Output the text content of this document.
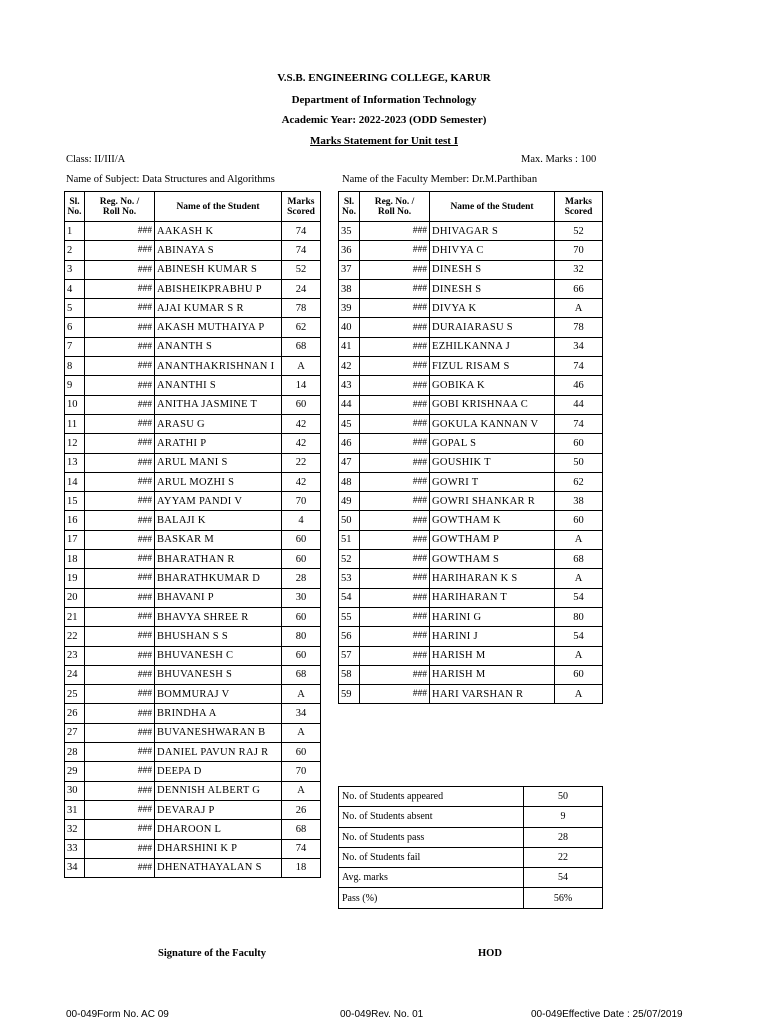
V.S.B. ENGINEERING COLLEGE, KARUR
Department of Information Technology
Academic Year: 2022-2023 (ODD Semester)
Marks Statement for Unit test I
Class: II/III/A	Max. Marks : 100
Name of Subject: Data Structures and Algorithms	Name of the Faculty Member: Dr.M.Parthiban
Sl.
No.	Reg. No. /
Roll No.	Name of the Student	Marks
Scored
1	###	AAKASH K	74
2	###	ABINAYA S	74
3	###	ABINESH KUMAR S	52
4	###	ABISHEIKPRABHU P	24
5	###	AJAI KUMAR S R	78
6	###	AKASH MUTHAIYA P	62
7	###	ANANTH S	68
8	###	ANANTHAKRISHNAN I	A
9	###	ANANTHI S	14
10	###	ANITHA JASMINE T	60
11	###	ARASU G	42
12	###	ARATHI P	42
13	###	ARUL MANI S	22
14	###	ARUL MOZHI S	42
15	###	AYYAM PANDI V	70
16	###	BALAJI K	4
17	###	BASKAR M	60
18	###	BHARATHAN R	60
19	###	BHARATHKUMAR D	28
20	###	BHAVANI P	30
21	###	BHAVYA SHREE R	60
22	###	BHUSHAN S S	80
23	###	BHUVANESH C	60
24	###	BHUVANESH S	68
25	###	BOMMURAJ V	A
26	###	BRINDHA A	34
27	###	BUVANESHWARAN B	A
28	###	DANIEL PAVUN RAJ R	60
29	###	DEEPA D	70
30	###	DENNISH ALBERT G	A
31	###	DEVARAJ P	26
32	###	DHAROON L	68
33	###	DHARSHINI K P	74
34	###	DHENATHAYALAN S	18
Sl.
No.	Reg. No. /
Roll No.	Name of the Student	Marks
Scored
35	###	DHIVAGAR S	52
36	###	DHIVYA C	70
37	###	DINESH S	32
38	###	DINESH S	66
39	###	DIVYA K	A
40	###	DURAIARASU S	78
41	###	EZHILKANNA J	34
42	###	FIZUL RISAM S	74
43	###	GOBIKA K	46
44	###	GOBI KRISHNAA C	44
45	###	GOKULA KANNAN V	74
46	###	GOPAL S	60
47	###	GOUSHIK T	50
48	###	GOWRI T	62
49	###	GOWRI SHANKAR R	38
50	###	GOWTHAM K	60
51	###	GOWTHAM P	A
52	###	GOWTHAM S	68
53	###	HARIHARAN K S	A
54	###	HARIHARAN T	54
55	###	HARINI G	80
56	###	HARINI J	54
57	###	HARISH M	A
58	###	HARISH M	60
59	###	HARI VARSHAN R	A
No. of Students appeared	50
No. of Students absent	9
No. of Students pass	28
No. of Students fail	22
Avg. marks	54
Pass (%)	56%
Signature of the Faculty	HOD
00-049Form No. AC 09	00-049Rev. No. 01	00-049Effective Date : 25/07/2019
